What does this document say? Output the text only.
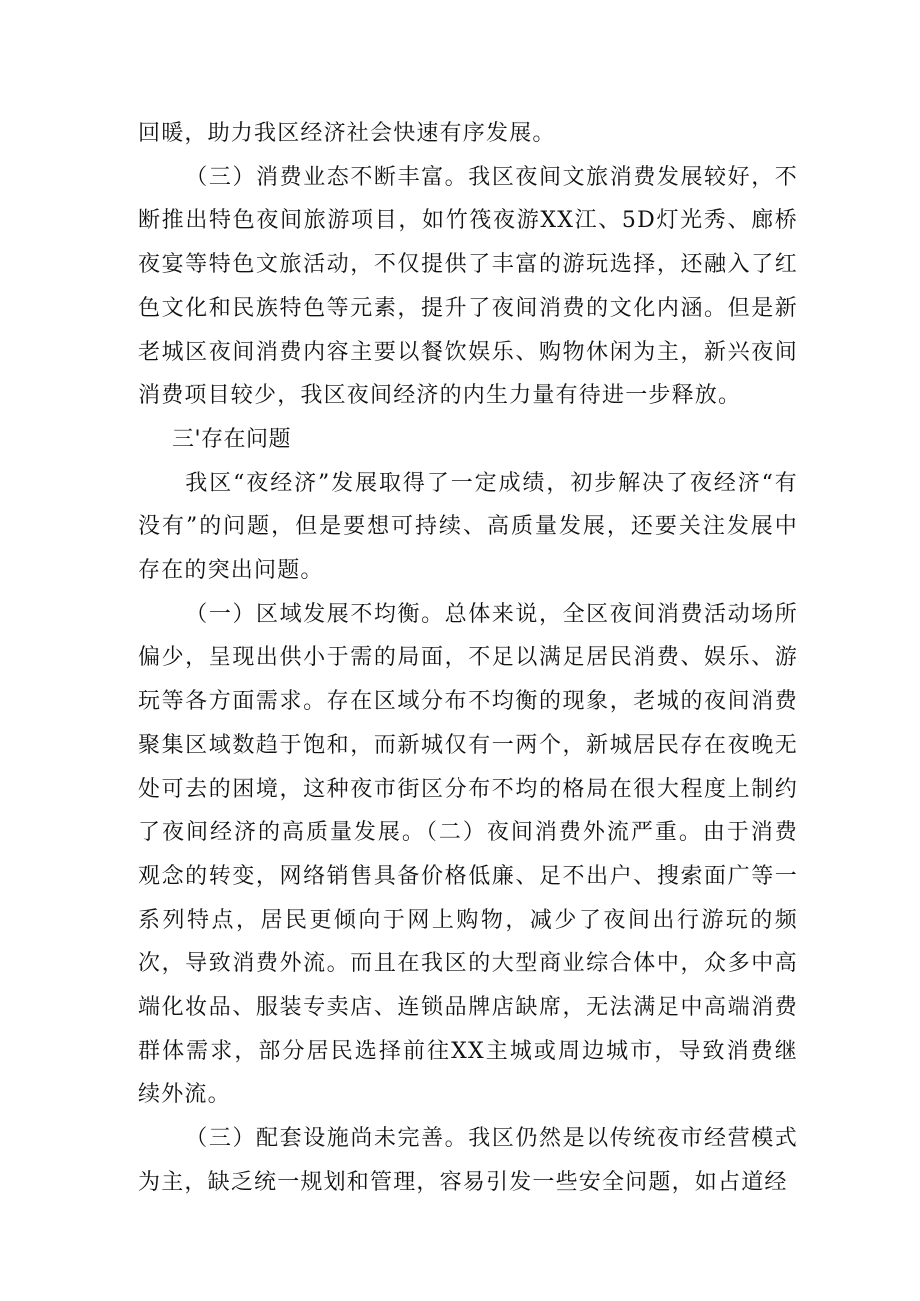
回暖，助力我区经济社会快速有序发展。

（三）消费业态不断丰富。我区夜间文旅消费发展较好，不断推出特色夜间旅游项目，如竹筏夜游XX江、5D灯光秀、廊桥夜宴等特色文旅活动，不仅提供了丰富的游玩选择，还融入了红色文化和民族特色等元素，提升了夜间消费的文化内涵。但是新老城区夜间消费内容主要以餐饮娱乐、购物休闲为主，新兴夜间消费项目较少，我区夜间经济的内生力量有待进一步释放。

三'存在问题

我区“夜经济”发展取得了一定成绩，初步解决了夜经济“有没有”的问题，但是要想可持续、高质量发展，还要关注发展中存在的突出问题。

（一）区域发展不均衡。总体来说，全区夜间消费活动场所偏少，呈现出供小于需的局面，不足以满足居民消费、娱乐、游玩等各方面需求。存在区域分布不均衡的现象，老城的夜间消费聚集区域数趋于饱和，而新城仅有一两个，新城居民存在夜晚无处可去的困境，这种夜市街区分布不均的格局在很大程度上制约了夜间经济的高质量发展。（二）夜间消费外流严重。由于消费观念的转变，网络销售具备价格低廉、足不出户、搜索面广等一系列特点，居民更倾向于网上购物，减少了夜间出行游玩的频次，导致消费外流。而且在我区的大型商业综合体中，众多中高端化妆品、服装专卖店、连锁品牌店缺席，无法满足中高端消费群体需求，部分居民选择前往XX主城或周边城市，导致消费继续外流。

（三）配套设施尚未完善。我区仍然是以传统夜市经营模式为主，缺乏统一规划和管理，容易引发一些安全问题，如占道经
